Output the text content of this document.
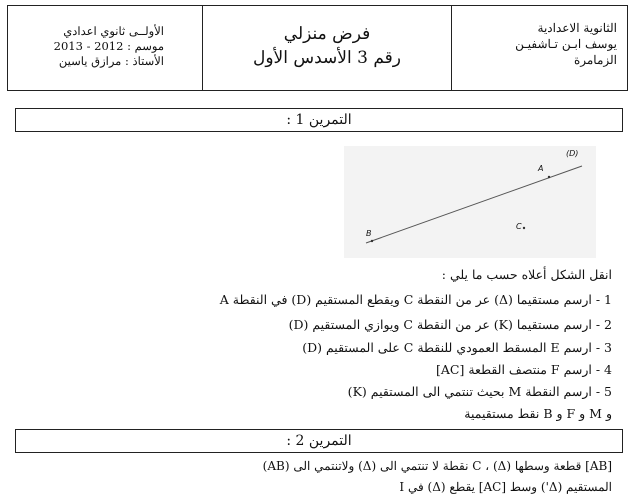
الثانوية الاعدادية
يوسف ابـن تـاشفيـن
الزمامرة
فرض منزلي
رقم 3 الأسدس الأول
الأولــى ثانوي اعدادي
موسم : 2012 - 2013
الأستاذ : مرازق ياسين
التمرين 1 :
A
B
C
(D)
انقل الشكل أعلاه حسب ما يلي :
1 - ارسم مستقيما (Δ) عر من النقطة C ويقطع المستقيم (D) في النقطة A
2 - ارسم مستقيما (K) عر من النقطة C ويوازي المستقيم (D)
3 - ارسم E المسقط العمودي للنقطة C على المستقيم (D)
4 - ارسم F منتصف القطعة [AC]
5 - ارسم النقطة M بحيث تنتمي الى المستقيم (K)
و M و F و B نقط مستقيمية
التمرين 2 :
[AB] قطعة وسطها (Δ) ، C نقطة لا تنتمي الى (Δ) ولاتنتمي الى (AB)
المستقيم (Δ') وسط [AC] يقطع (Δ) في I
